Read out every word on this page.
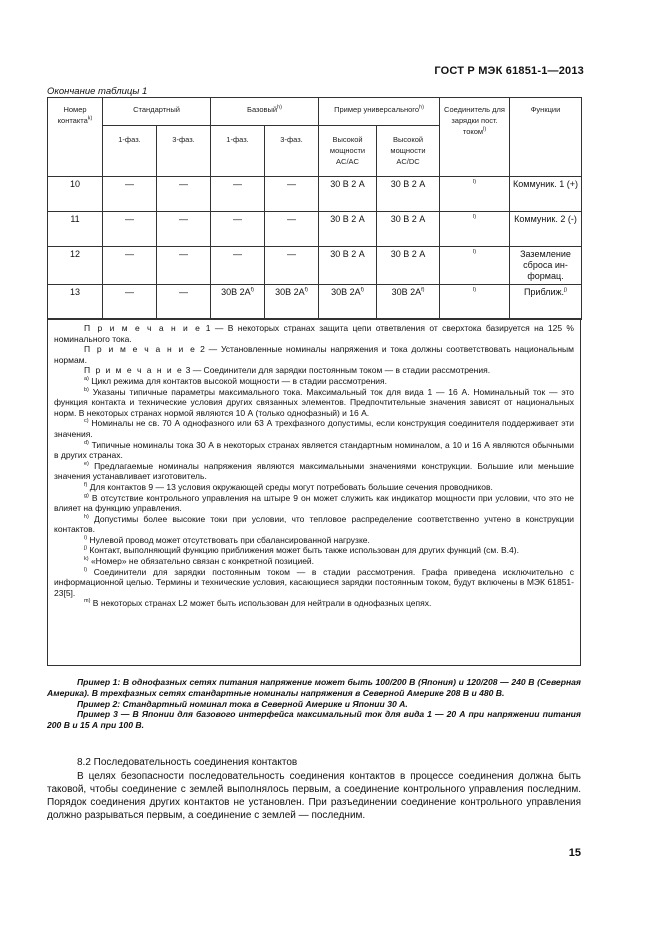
ГОСТ Р МЭК 61851-1—2013
Окончание таблицы 1
Номер контакта$^{k)}$	Стандартный		Базовый$^{h)}$		Пример универсального$^{h)}$		Соединитель для зарядки пост. током$^{l)}$	Функции
	1-фаз.	3-фаз.	1-фаз.	3-фаз.	Высокой мощности AC/AC	Высокой мощности AC/DC		
10	—	—	—	—	30 В 2 А	30 В 2 А	$^{l)}$	Коммуник. 1 (+)
11	—	—	—	—	30 В 2 А	30 В 2 А	$^{l)}$	Коммуник. 2 (-)
12	—	—	—	—	30 В 2 А	30 В 2 А	$^{l)}$	Заземление сброса ин-формац.
13	—	—	30В $2А^{f)}$	30В $2А^{f)}$	30В $2А^{f)}$	30В $2А^{f)}$	$^{l)}$	Приближ.$^{j)}$

П р и м е ч а н и е 1 — В некоторых странах защита цепи ответвления от сверхтока базируется на 125 % номинального тока.

П р и м е ч а н и е 2 — Установленные номиналы напряжения и тока должны соответствовать национальным нормам.

П р и м е ч а н и е 3 — Соединители для зарядки постоянным током — в стадии рассмотрения.

$^{a)}$ Цикл режима для контактов высокой мощности — в стадии рассмотрения.

$^{b)}$ Указаны типичные параметры максимального тока. Максимальный ток для вида 1 — 16 А. Номинальный ток — это функция контакта и технические условия других связанных элементов. Предпочтительные значения зависят от национальных норм. В некоторых странах нормой являются 10 А (только однофазный) и 16 А.

$^{c)}$ Номиналы не св. 70 А однофазного или 63 А трехфазного допустимы, если конструкция соединителя поддерживает эти значения.

$^{d)}$ Типичные номиналы тока 30 А в некоторых странах является стандартным номиналом, а 10 и 16 А являются обычными в других странах.

$^{e)}$ Предлагаемые номиналы напряжения являются максимальными значениями конструкции. Большие или меньшие значения устанавливает изготовитель.

$^{f)}$ Для контактов 9 — 13 условия окружающей среды могут потребовать большие сечения проводников.

$^{g)}$ В отсутствие контрольного управления на штыре 9 он может служить как индикатор мощности при условии, что это не влияет на функцию управления.

$^{h)}$ Допустимы более высокие токи при условии, что тепловое распределение соответственно учтено в конструкции контактов.

$^{i)}$ Нулевой провод может отсутствовать при сбалансированной нагрузке.

$^{j)}$ Контакт, выполняющий функцию приближения может быть также использован для других функций (см. В.4).

$^{k)}$ «Номер» не обязательно связан с конкретной позицией.

$^{l)}$ Соединители для зарядки постоянным током — в стадии рассмотрения. Графа приведена исключительно с информационной целью. Термины и технические условия, касающиеся зарядки постоянным током, будут включены в МЭК 61851-23[5].

$^{m)}$ В некоторых странах L2 может быть использован для нейтрали в однофазных цепях.

Пример 1: В однофазных сетях питания напряжение может быть 100/200 В (Япония) и 120/208 — 240 В (Северная Америка). В трехфазных сетях стандартные номиналы напряжения в Северной Америке 208 В и 480 В.

Пример 2: Стандартный номинал тока в Северной Америке и Японии 30 А.

Пример 3 — В Японии для базового интерфейса максимальный ток для вида 1 — 20 А при напряжении питания 200 В и 15 А при 100 В.

8.2 Последовательность соединения контактов

В целях безопасности последовательность соединения контактов в процессе соединения должна быть таковой, чтобы соединение с землей выполнялось первым, а соединение контрольного управления последним. Порядок соединения других контактов не установлен. При разъединении соединение контрольного управления должно разрываться первым, а соединение с землей — последним.

15
